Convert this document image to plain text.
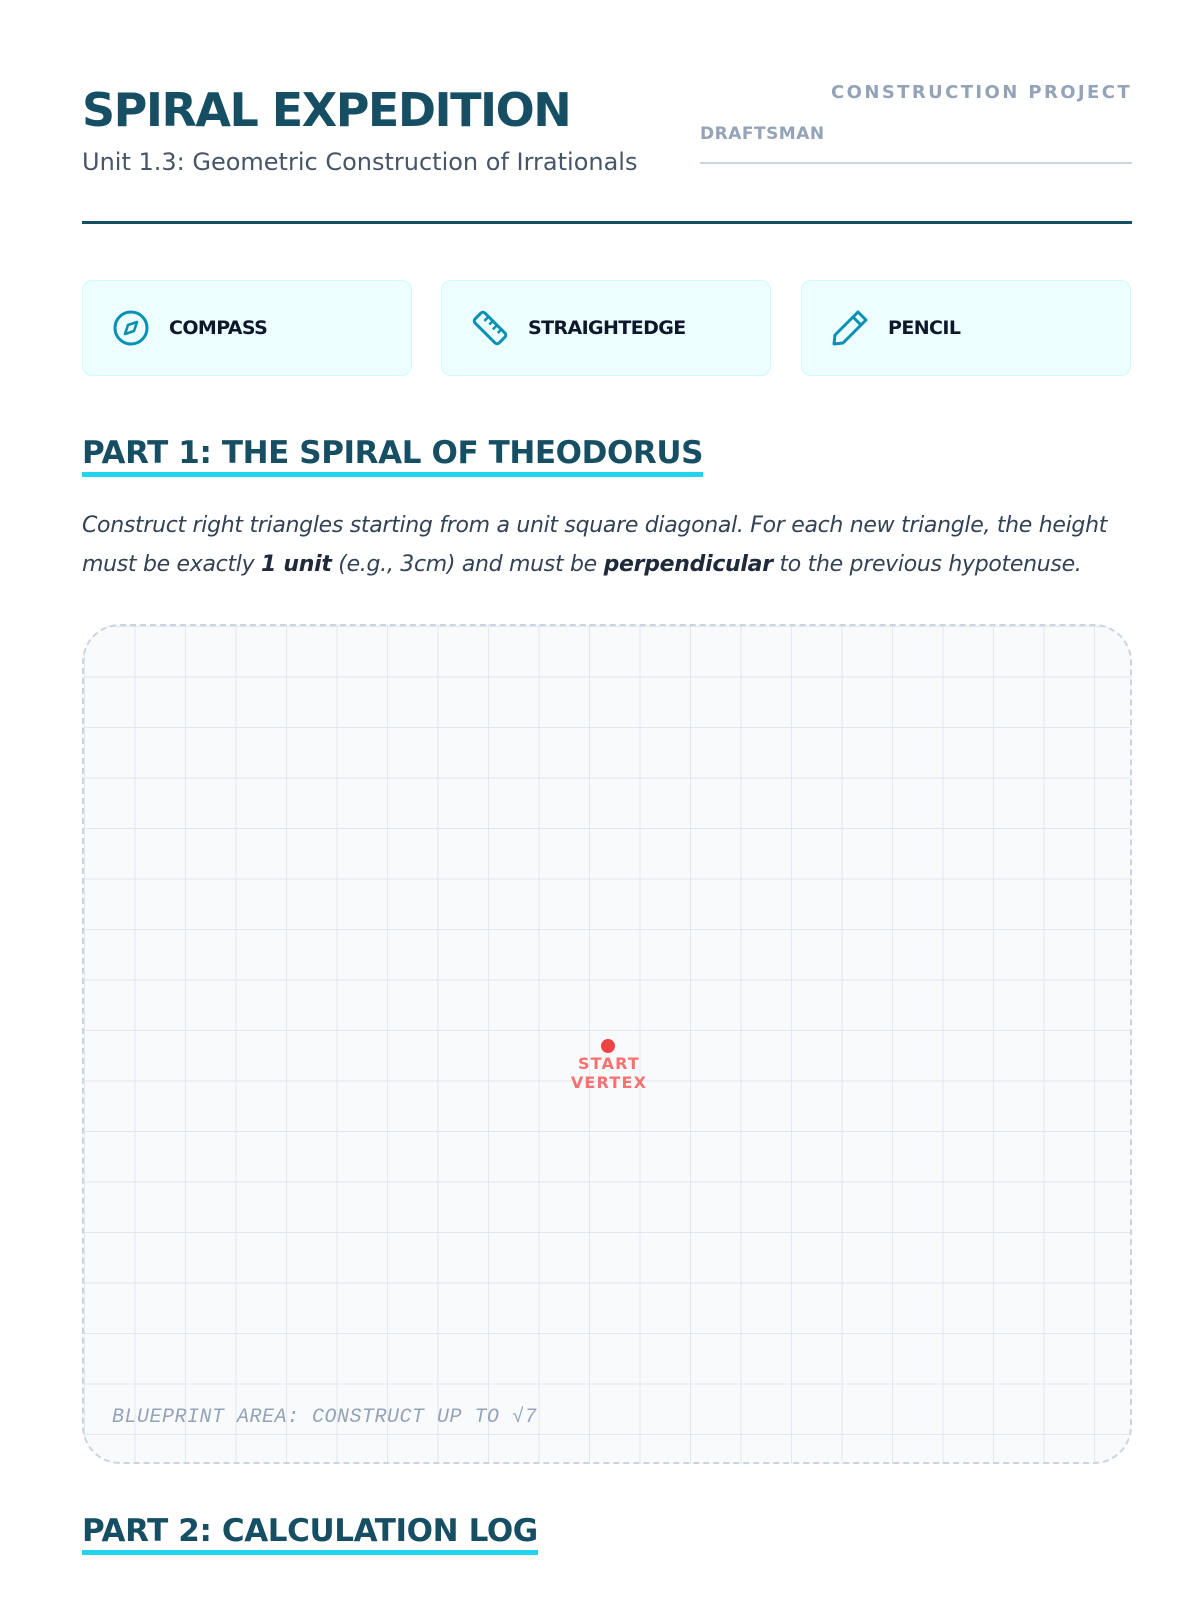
SPIRAL EXPEDITION

Unit 1.3: Geometric Construction of Irrationals

CONSTRUCTION PROJECT
DRAFTSMAN
COMPASS	STRAIGHTEDGE	PENCIL
PART 1: THE SPIRAL OF THEODORUS

Construct right triangles starting from a unit square diagonal. For each new triangle, the height must be exactly 1 unit (e.g., 3cm) and must be perpendicular to the previous hypotenuse.

START VERTEX
BLUEPRINT AREA: CONSTRUCT UP TO √7
PART 2: CALCULATION LOG
